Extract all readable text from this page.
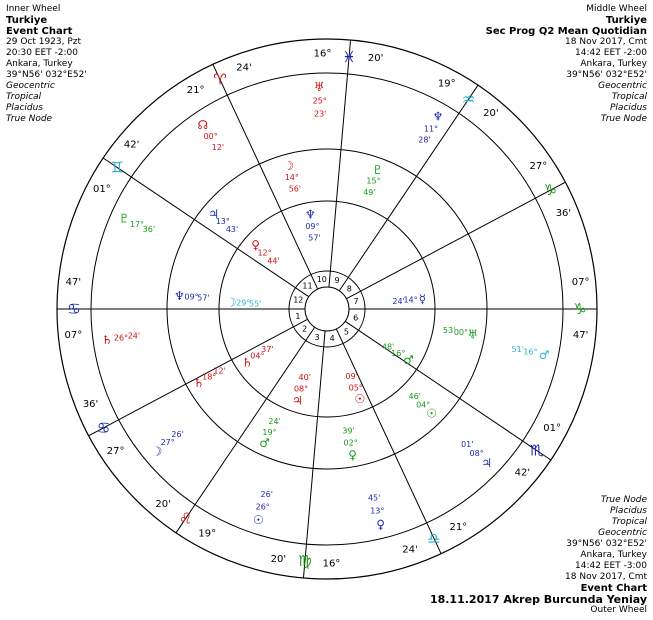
Inner Wheel
Turkiye
Event Chart
29 Oct 1923, Pzt
20:30 EET -2:00
Ankara, Turkey
39°N56' 032°E52'
Geocentric
Tropical
Placidus
True Node
Middle Wheel
Turkiye
Sec Prog Q2 Mean Quotidian
18 Nov 2017, Cmt
14:42 EET -2:00
Ankara, Turkey
39°N56' 032°E52'
Geocentric
Tropical
Placidus
True Node
True Node
Placidus
Tropical
Geocentric
39°N56' 032°E52'
Ankara, Turkey
14:42 EET -3:00
18 Nov 2017, Cmt
Event Chart
18.11.2017 Akrep Burcunda Yeniay
Outer Wheel
♋
♋
♌
♍
♎
♏
♑
♑
♒
♓
♈
♊
07°
47'
27°
36'
19°
20'
16°
20'
21°
24'
01°
42'
07°
47'
27°
36'
19°
20'
16°	20'
21°
24'
01°
42'
1
2
3 4
5
6
7
8
9
10
11
12
♆
11°
28'
♅
25°
23'
☊
00°
12'
♇ 17°
36'
♄ 26° 24'
☽
27°
26'
☉
26°
26'
♀
13°
45'
♃
08°
01'
♂
16°
51'
♇
15°
49'
☽
14°
56'
♃
13°
43'
♆ 09°
57'
♄
18°
12'
♂
19°
24'
♀
02°
39'
☉
04°
46'
♅
00°
53'
♆
09°
57'
♀
12°
44'
☽ 29°
55'
♄
04°
37'
♃
08°
40'
☉
05°
09'
♂
16°
48'
☿
14°
24'
